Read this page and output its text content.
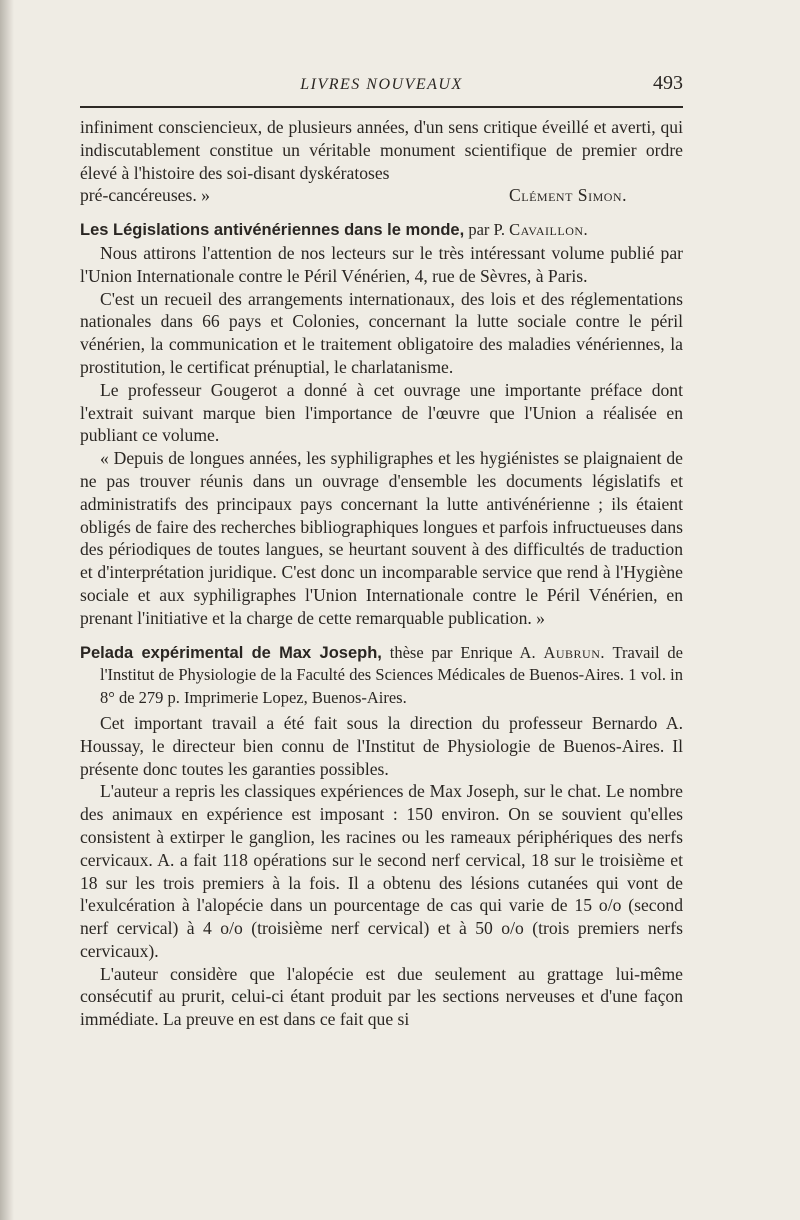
LIVRES NOUVEAUX	493

infiniment consciencieux, de plusieurs années, d'un sens critique éveillé et averti, qui indiscutablement constitue un véritable monument scientifique de premier ordre élevé à l'histoire des soi-disant dyskératoses

pré-cancéreuses. »	Clément Simon.

Les Législations antivénériennes dans le monde, par P. Cavaillon.

Nous attirons l'attention de nos lecteurs sur le très intéressant volume publié par l'Union Internationale contre le Péril Vénérien, 4, rue de Sèvres, à Paris.

C'est un recueil des arrangements internationaux, des lois et des réglementations nationales dans 66 pays et Colonies, concernant la lutte sociale contre le péril vénérien, la communication et le traitement obligatoire des maladies vénériennes, la prostitution, le certificat prénuptial, le charlatanisme.

Le professeur Gougerot a donné à cet ouvrage une importante préface dont l'extrait suivant marque bien l'importance de l'œuvre que l'Union a réalisée en publiant ce volume.

« Depuis de longues années, les syphiligraphes et les hygiénistes se plaignaient de ne pas trouver réunis dans un ouvrage d'ensemble les documents législatifs et administratifs des principaux pays concernant la lutte antivénérienne ; ils étaient obligés de faire des recherches bibliographiques longues et parfois infructueuses dans des périodiques de toutes langues, se heurtant souvent à des difficultés de traduction et d'interprétation juridique. C'est donc un incomparable service que rend à l'Hygiène sociale et aux syphiligraphes l'Union Internationale contre le Péril Vénérien, en prenant l'initiative et la charge de cette remarquable publication. »

Pelada expérimental de Max Joseph, thèse par Enrique A. Aubrun. Travail de l'Institut de Physiologie de la Faculté des Sciences Médicales de Buenos-Aires. 1 vol. in 8° de 279 p. Imprimerie Lopez, Buenos-Aires.

Cet important travail a été fait sous la direction du professeur Bernardo A. Houssay, le directeur bien connu de l'Institut de Physiologie de Buenos-Aires. Il présente donc toutes les garanties possibles.

L'auteur a repris les classiques expériences de Max Joseph, sur le chat. Le nombre des animaux en expérience est imposant : 150 environ. On se souvient qu'elles consistent à extirper le ganglion, les racines ou les rameaux périphériques des nerfs cervicaux. A. a fait 118 opérations sur le second nerf cervical, 18 sur le troisième et 18 sur les trois premiers à la fois. Il a obtenu des lésions cutanées qui vont de l'exulcération à l'alopécie dans un pourcentage de cas qui varie de 15 o/o (second nerf cervical) à 4 o/o (troisième nerf cervical) et à 50 o/o (trois premiers nerfs cervicaux).

L'auteur considère que l'alopécie est due seulement au grattage lui-même consécutif au prurit, celui-ci étant produit par les sections nerveuses et d'une façon immédiate. La preuve en est dans ce fait que si
